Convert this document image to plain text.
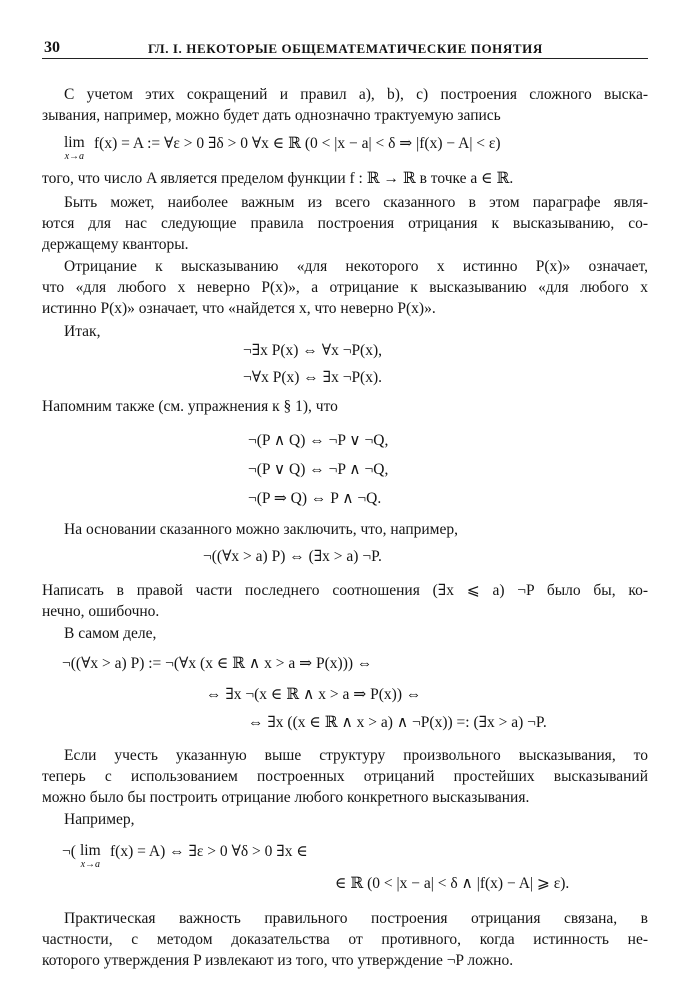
30	ГЛ. I. НЕКОТОРЫЕ ОБЩЕМАТЕМАТИЧЕСКИЕ ПОНЯТИЯ
С учетом этих сокращений и правил a), b), c) построения сложного выска-
зывания, например, можно будет дать однозначно трактуемую запись
lim
x→a
f(x) = A := ∀ε > 0 ∃δ > 0 ∀x ∈ ℝ (0 < |x − a| < δ ⇒ |f(x) − A| < ε)
того, что число A является пределом функции f : ℝ → ℝ в точке a ∈ ℝ.
Быть может, наиболее важным из всего сказанного в этом параграфе явля-
ются для нас следующие правила построения отрицания к высказыванию, со-
держащему кванторы.
Отрицание к высказыванию «для некоторого x истинно P(x)» означает,
что «для любого x неверно P(x)», а отрицание к высказыванию «для любого x
истинно P(x)» означает, что «найдется x, что неверно P(x)».
Итак,
¬∃x P(x) ⇔ ∀x ¬P(x),
¬∀x P(x) ⇔ ∃x ¬P(x).
Напомним также (см. упражнения к § 1), что
¬(P ∧ Q) ⇔ ¬P ∨ ¬Q,
¬(P ∨ Q) ⇔ ¬P ∧ ¬Q,
¬(P ⇒ Q) ⇔ P ∧ ¬Q.
На основании сказанного можно заключить, что, например,
¬((∀x > a) P) ⇔ (∃x > a) ¬P.
Написать в правой части последнего соотношения (∃x ⩽ a) ¬P было бы, ко-
нечно, ошибочно.
В самом деле,
¬((∀x > a) P) := ¬(∀x (x ∈ ℝ ∧ x > a ⇒ P(x))) ⇔
⇔ ∃x ¬(x ∈ ℝ ∧ x > a ⇒ P(x)) ⇔
⇔ ∃x ((x ∈ ℝ ∧ x > a) ∧ ¬P(x)) =: (∃x > a) ¬P.
Если учесть указанную выше структуру произвольного высказывания, то
теперь с использованием построенных отрицаний простейших высказываний
можно было бы построить отрицание любого конкретного высказывания.
Например,
¬( lim
x→a
f(x) = A) ⇔ ∃ε > 0 ∀δ > 0 ∃x ∈
∈ ℝ (0 < |x − a| < δ ∧ |f(x) − A| ⩾ ε).
Практическая важность правильного построения отрицания связана, в
частности, с методом доказательства от противного, когда истинность не-
которого утверждения P извлекают из того, что утверждение ¬P ложно.
